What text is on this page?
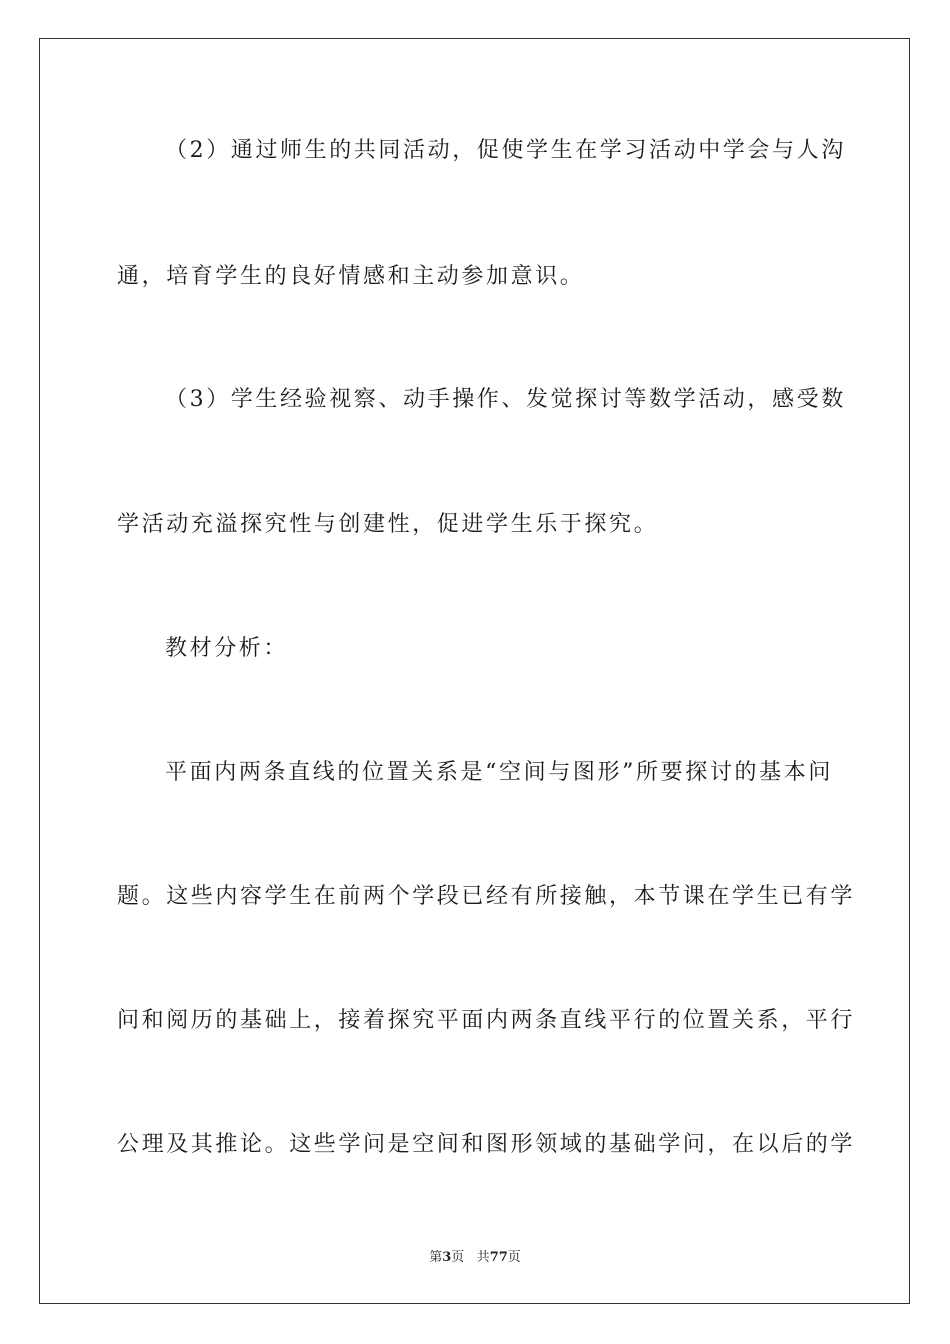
（2）通过师生的共同活动，促使学生在学习活动中学会与人沟
通，培育学生的良好情感和主动参加意识。
（3）学生经验视察、动手操作、发觉探讨等数学活动，感受数
学活动充溢探究性与创建性，促进学生乐于探究。
教材分析：
平面内两条直线的位置关系是“空间与图形”所要探讨的基本问
题。这些内容学生在前两个学段已经有所接触，本节课在学生已有学
问和阅历的基础上，接着探究平面内两条直线平行的位置关系，平行
公理及其推论。这些学问是空间和图形领域的基础学问，在以后的学
第3页 共77页
